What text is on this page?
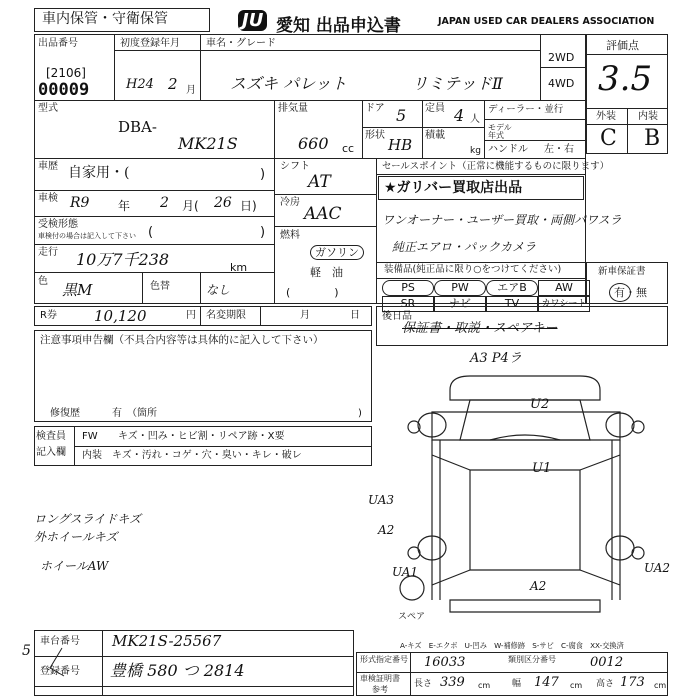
車内保管・守衛保管	JU 愛知 出品申込書	JAPAN USED CAR DEALERS ASSOCIATION
出品番号
[2106]
00009
初度登録年月
H24 2 月
車名・グレード
スズキ パレット	リミテッドⅡ
2WD
4WD
評価点
3.5
外装 内装
C B
型式
DBA-
MK21S
排気量
660 cc
ドア 5 定員 4 人
形状
HB
積載
kg
ディーラー・並行
モデル年式
ハンドル 左・右
車歴 自家用・(	)
車検 R9 年 2 月( 26 日)
受検形態
車検付の場合は記入して下さい (	)
走行 10万7千238	km
色 黒M	色替	なし
シフト
AT
冷房
AAC
燃料
ガソリン
軽　油
(　　　　)
セールスポイント（正常に機能するものに限ります）
★ガリバー買取店出品
ワンオーナー・ユーザー買取・両側パワスラ
純正エアロ・パックカメラ
装備品(純正品に限り○をつけてください)	新車保証書
有・無
PS	PW	エアB	AW
SR	ナビ	TV	カワシート
R券 10,120	円 名変期限	月	日 後日品
保証書・取説・スペアキー
注意事項申告欄（不具合内容等は具体的に記入して下さい）
修復歴	有　（箇所	)
検査員
記入欄
FW キズ・凹み・ヒビ割・リペア跡・X要
内装 キズ・汚れ・コゲ・穴・臭い・キレ・破レ
ロングスライドキズ
外ホイールキズ
ホイールAW
A3 P4ラ
U2
U1
UA3
A2
UA1
A2
UA2
スペア
A-キズ　E-エクボ　U-凹み　W-補修跡　S-サビ　C-腐食　XX-交換済
5
車台番号 MK21S-25567
登録番号 豊橋 580 つ 2814
形式指定番号 16033	類別区分番号	0012
車検証明書
参考
長さ 339 cm 幅 147 cm 高さ 173 cm
